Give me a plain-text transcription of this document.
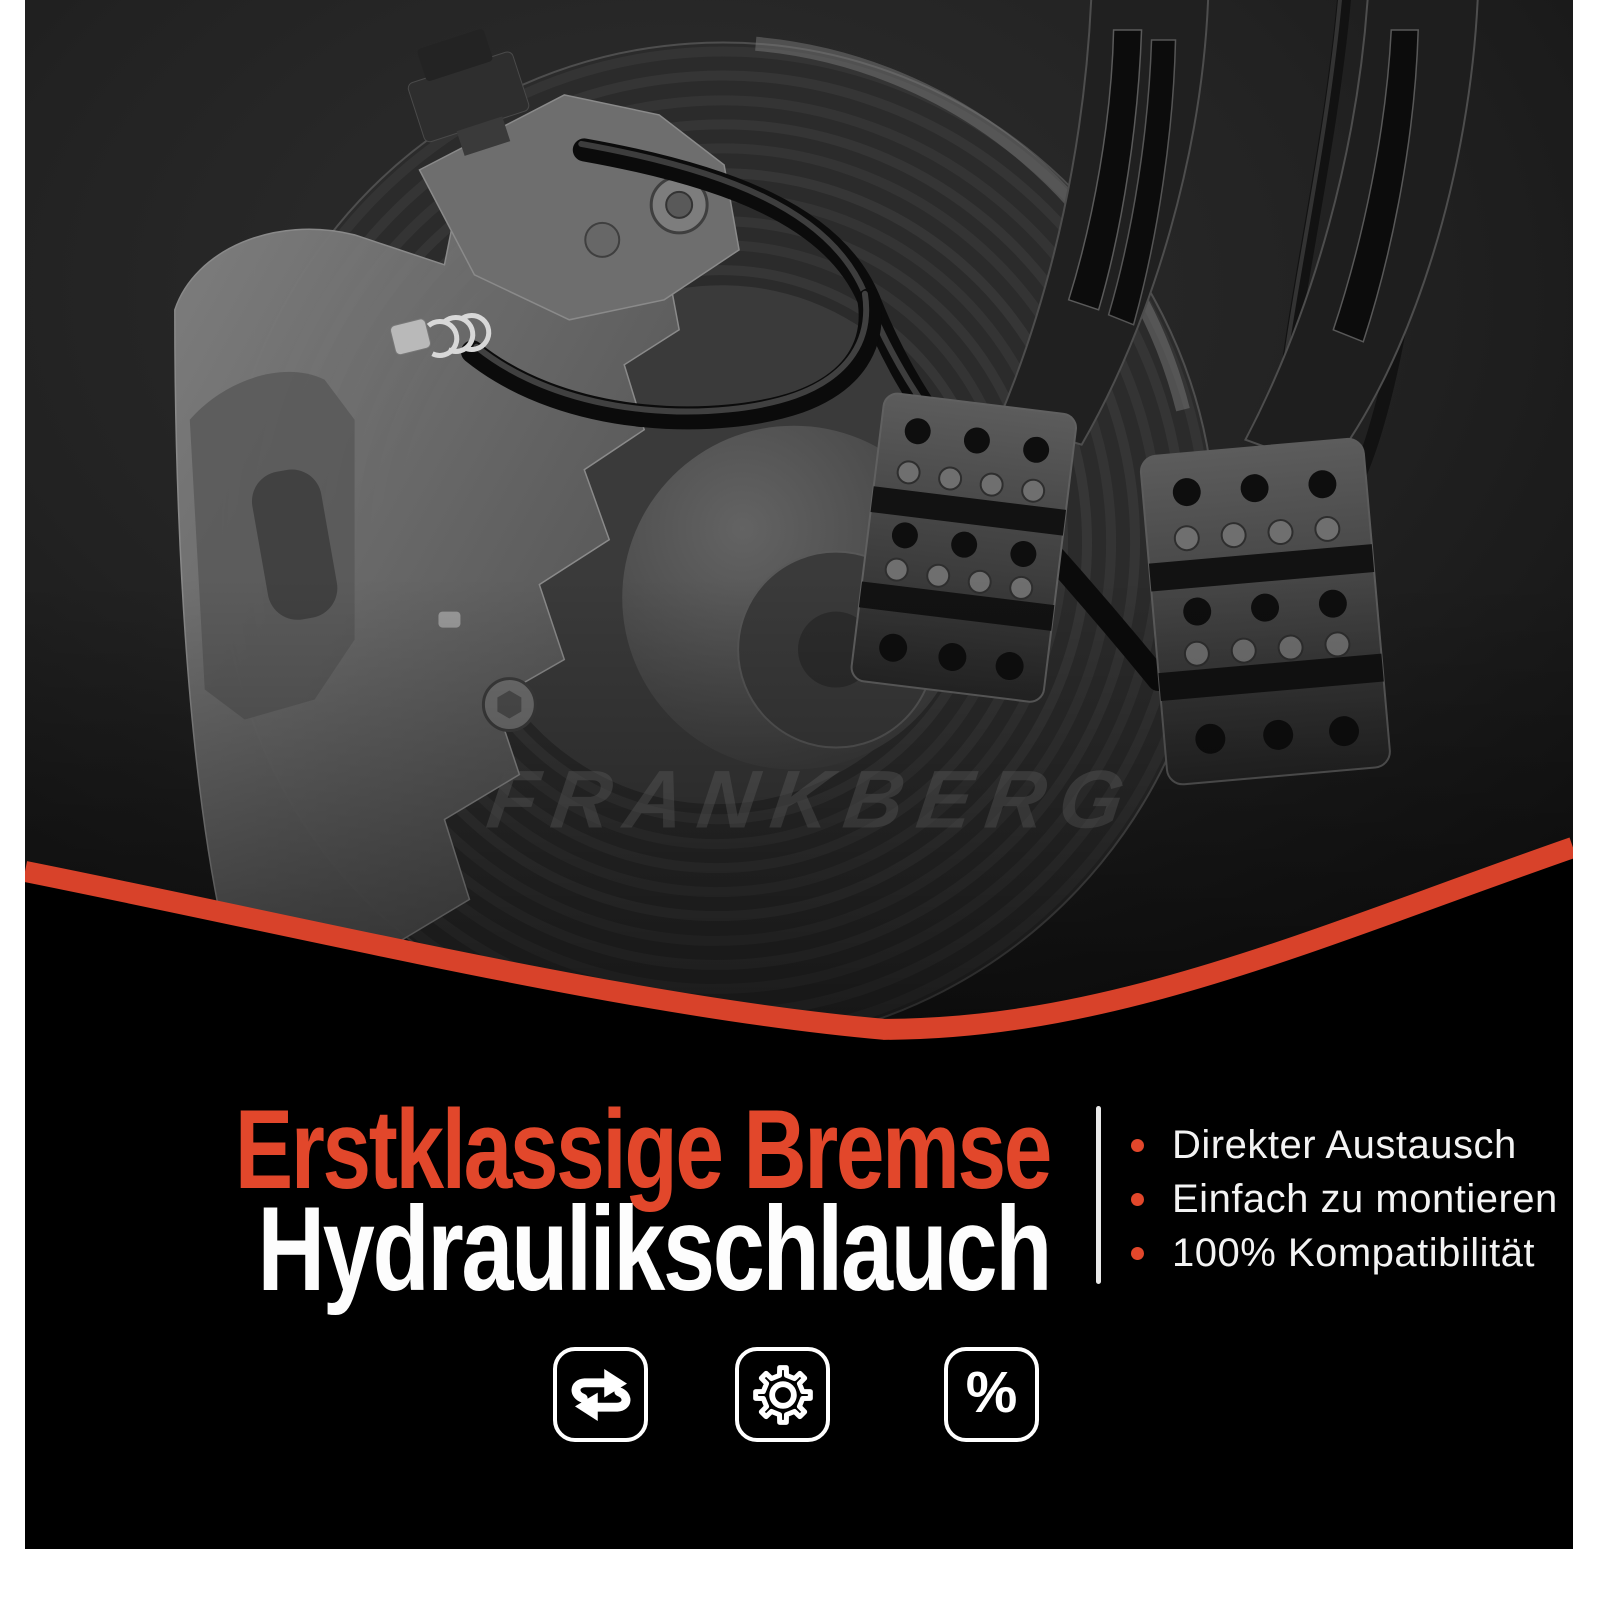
Erstklassige Bremse
Hydraulikschlauch
Direkter Austausch
Einfach zu montieren
100% Kompatibilität
%
